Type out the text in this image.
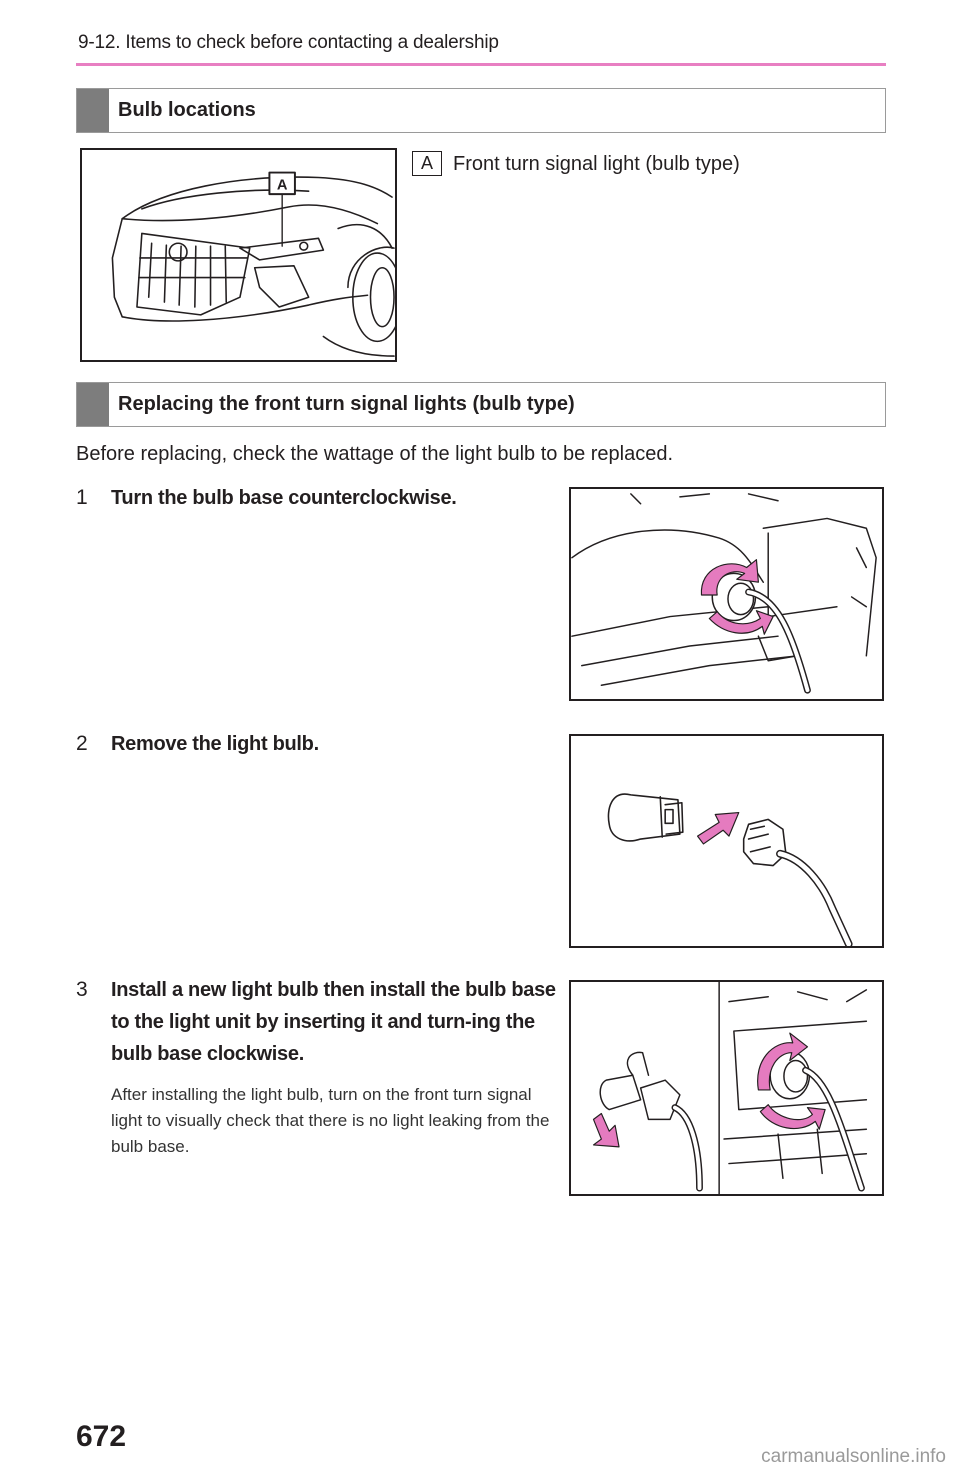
9-12. Items to check before contacting a dealership
Bulb locations
A
A	Front turn signal light (bulb type)
Replacing the front turn signal lights (bulb type)
Before replacing, check the wattage of the light bulb to be replaced.
1 Turn the bulb base counterclockwise.
2 Remove the light bulb.
3 Install a new light bulb then install the bulb base to the light unit by inserting it and turn-ing the bulb base clockwise.
After installing the light bulb, turn on the front turn signal light to visually check that there is no light leaking from the bulb base.
672
carmanualsonline.info
